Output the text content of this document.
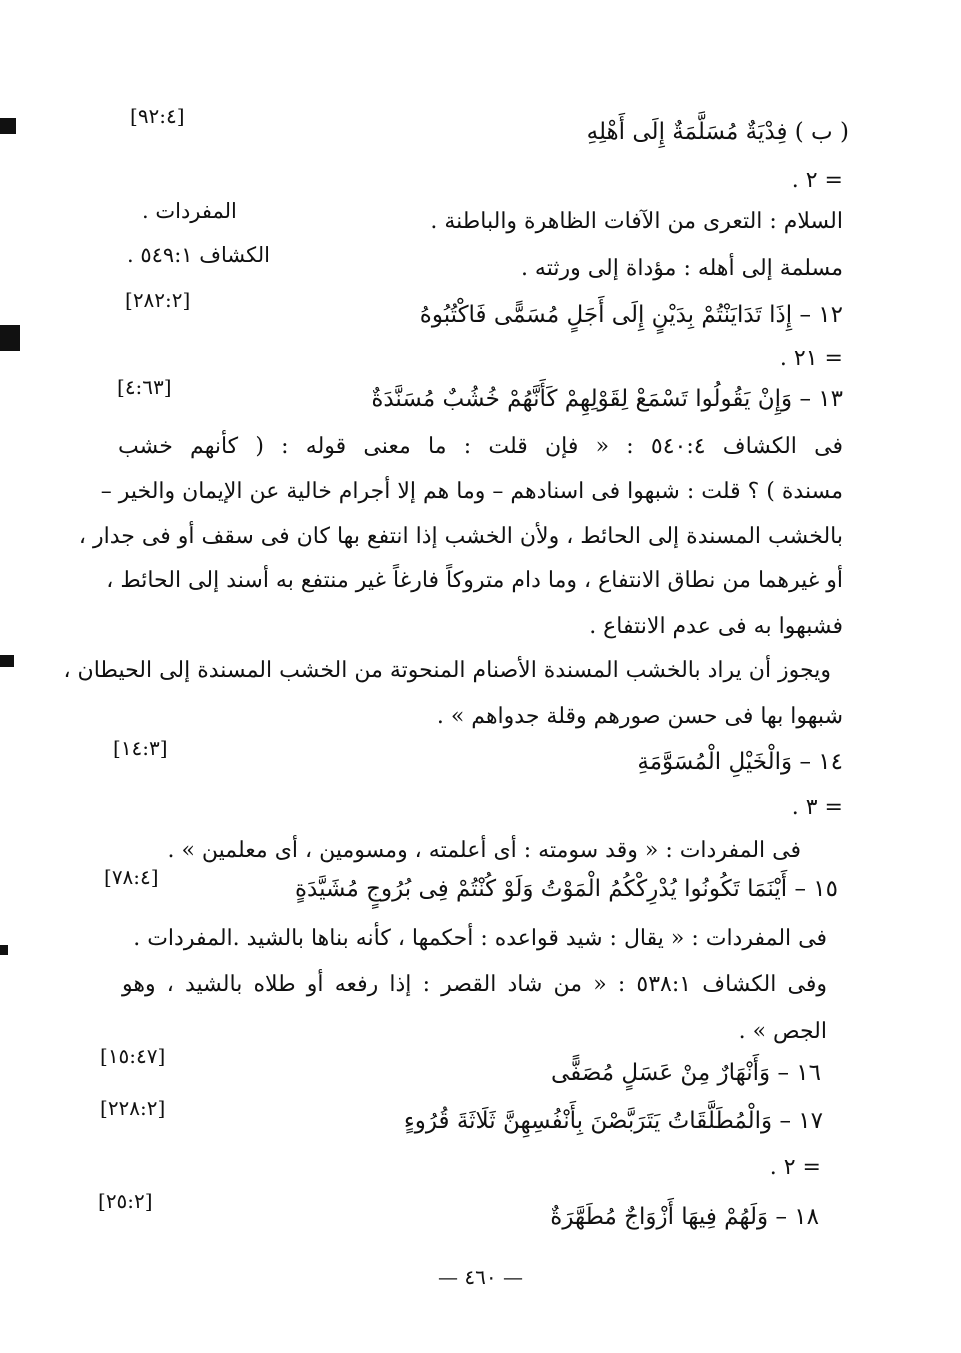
[٩٢:٤]
[٢٨٢:٢]
[٤:٦٣]
[١٤:٣]
[٧٨:٤]
[١٥:٤٧]
[٢٢٨:٢]
[٢٥:٢]
المفردات .
الكشاف ٥٤٩:١ .
( ب ) فِدْيَةٌ مُسَلَّمَةٌ إِلَى أَهْلِهِ
= ٢ .
السلام : التعرى من الآفات الظاهرة والباطنة .
مسلمة إلى أهله : مؤداة إلى ورثته .
١٢ – إِذَا تَدَايَنْتُمْ بِدَيْنٍ إِلَى أَجَلٍ مُسَمًّى فَاكْتُبُوهُ
= ٢١ .
١٣ – وَإِنْ يَقُولُوا تَسْمَعْ لِقَوْلِهِمْ كَأَنَّهُمْ خُشُبٌ مُسَنَّدَةٌ
فى الكشاف ٥٤٠:٤ : « فإن قلت : ما معنى قوله : ( كأنهم خشب
مسندة ) ؟ قلت : شبهوا فى اسنادهم – وما هم إلا أجرام خالية عن الإيمان والخير –
بالخشب المسندة إلى الحائط ، ولأن الخشب إذا انتفع بها كان فى سقف أو فى جدار ،
أو غيرهما من نطاق الانتفاع ، وما دام متروكاً فارغاً غير منتفع به أسند إلى الحائط ،
فشبهوا به فى عدم الانتفاع .
ويجوز أن يراد بالخشب المسندة الأصنام المنحوتة من الخشب المسندة إلى الحيطان ،
شبهوا بها فى حسن صورهم وقلة جدواهم » .
١٤ – وَالْخَيْلِ الْمُسَوَّمَةِ
= ٣ .
فى المفردات : « وقد سومته : أى أعلمته ، ومسومين ، أى معلمين » .
١٥ – أَيْنَمَا تَكُونُوا يُدْرِكْكُمُ الْمَوْتُ وَلَوْ كُنْتُمْ فِى بُرُوجٍ مُشَيَّدَةٍ
فى المفردات : « يقال : شيد قواعده : أحكمها ، كأنه بناها بالشيد .المفردات .
وفى الكشاف ٥٣٨:١ : « من شاد القصر : إذا رفعه أو طلاه بالشيد ، وهو
الجص » .
١٦ – وَأَنْهَارٌ مِنْ عَسَلٍ مُصَفًّى
١٧ – وَالْمُطَلَّقَاتُ يَتَرَبَّصْنَ بِأَنْفُسِهِنَّ ثَلَاثَةَ قُرُوءٍ
= ٢ .
١٨ – وَلَهُمْ فِيهَا أَزْوَاجٌ مُطَهَّرَةٌ
— ٤٦٠ —
